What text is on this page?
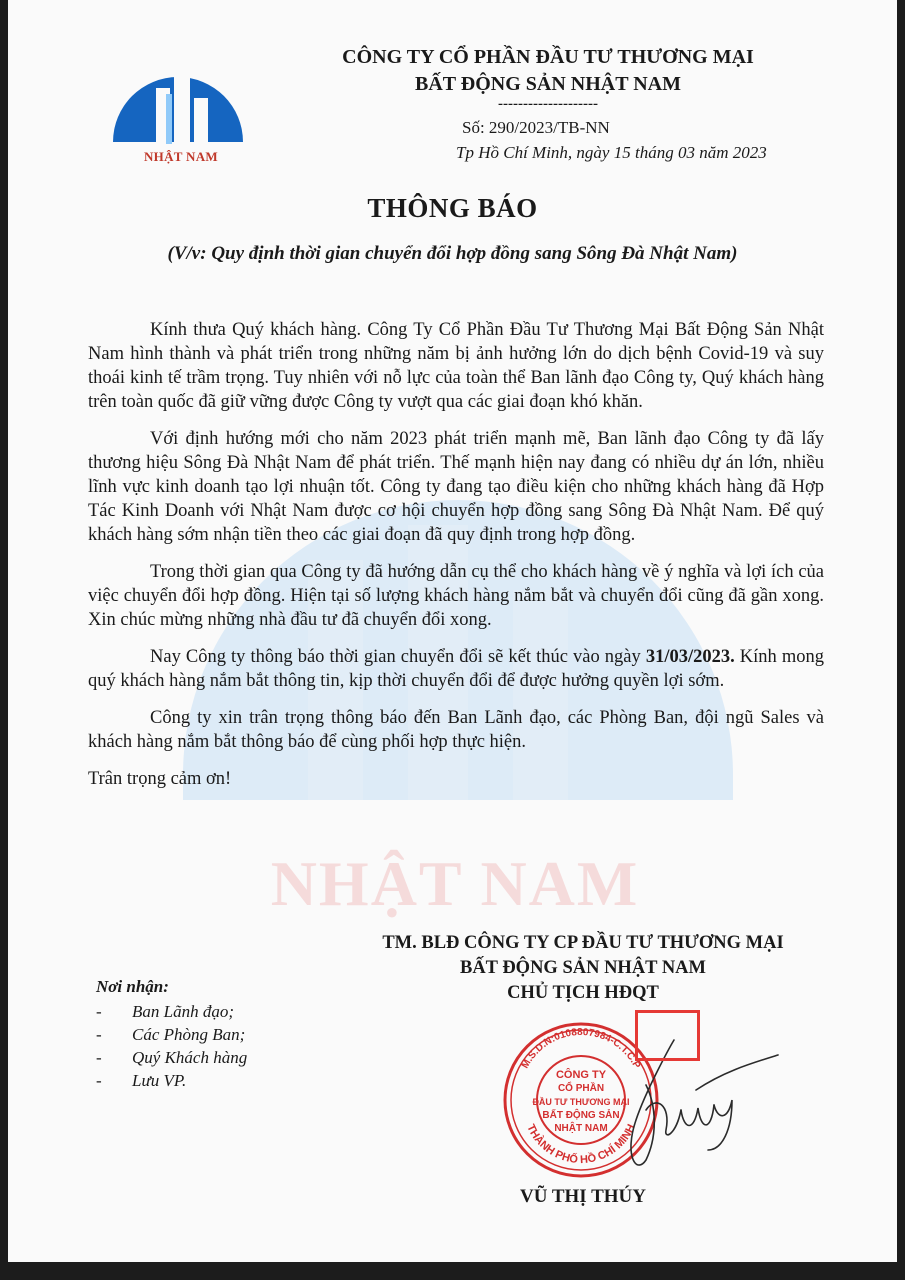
NHẬT NAM
NHẬT NAM
CÔNG TY CỔ PHẦN ĐẦU TƯ THƯƠNG MẠI
BẤT ĐỘNG SẢN NHẬT NAM
--------------------
Số: 290/2023/TB-NN
Tp Hồ Chí Minh, ngày 15 tháng 03 năm 2023
THÔNG BÁO
(V/v: Quy định thời gian chuyển đổi hợp đồng sang Sông Đà Nhật Nam)

Kính thưa Quý khách hàng. Công Ty Cổ Phần Đầu Tư Thương Mại Bất Động Sản Nhật Nam hình thành và phát triển trong những năm bị ảnh hưởng lớn do dịch bệnh Covid-19 và suy thoái kinh tế trầm trọng. Tuy nhiên với nỗ lực của toàn thể Ban lãnh đạo Công ty, Quý khách hàng trên toàn quốc đã giữ vững được Công ty vượt qua các giai đoạn khó khăn.

Với định hướng mới cho năm 2023 phát triển mạnh mẽ, Ban lãnh đạo Công ty đã lấy thương hiệu Sông Đà Nhật Nam để phát triển. Thế mạnh hiện nay đang có nhiều dự án lớn, nhiều lĩnh vực kinh doanh tạo lợi nhuận tốt. Công ty đang tạo điều kiện cho những khách hàng đã Hợp Tác Kinh Doanh với Nhật Nam được cơ hội chuyển hợp đồng sang Sông Đà Nhật Nam. Để quý khách hàng sớm nhận tiền theo các giai đoạn đã quy định trong hợp đồng.

Trong thời gian qua Công ty đã hướng dẫn cụ thể cho khách hàng về ý nghĩa và lợi ích của việc chuyển đổi hợp đồng. Hiện tại số lượng khách hàng nắm bắt và chuyển đổi cũng đã gần xong. Xin chúc mừng những nhà đầu tư đã chuyển đổi xong.

Nay Công ty thông báo thời gian chuyển đổi sẽ kết thúc vào ngày 31/03/2023. Kính mong quý khách hàng nắm bắt thông tin, kịp thời chuyển đổi để được hưởng quyền lợi sớm.

Công ty xin trân trọng thông báo đến Ban Lãnh đạo, các Phòng Ban, đội ngũ Sales và khách hàng nắm bắt thông báo để cùng phối hợp thực hiện.

Trân trọng cảm ơn!

TM. BLĐ CÔNG TY CP ĐẦU TƯ THƯƠNG MẠI
BẤT ĐỘNG SẢN NHẬT NAM
CHỦ TỊCH HĐQT
Nơi nhận:
- Ban Lãnh đạo;
- Các Phòng Ban;
- Quý Khách hàng
- Lưu VP.
M.S.D.N:0108807984-C.T.C.P
THÀNH PHỐ HỒ CHÍ MINH
CÔNG TY
CỔ PHẦN
ĐẦU TƯ THƯƠNG MẠI
BẤT ĐỘNG SẢN
NHẬT NAM
VŨ THỊ THÚY
